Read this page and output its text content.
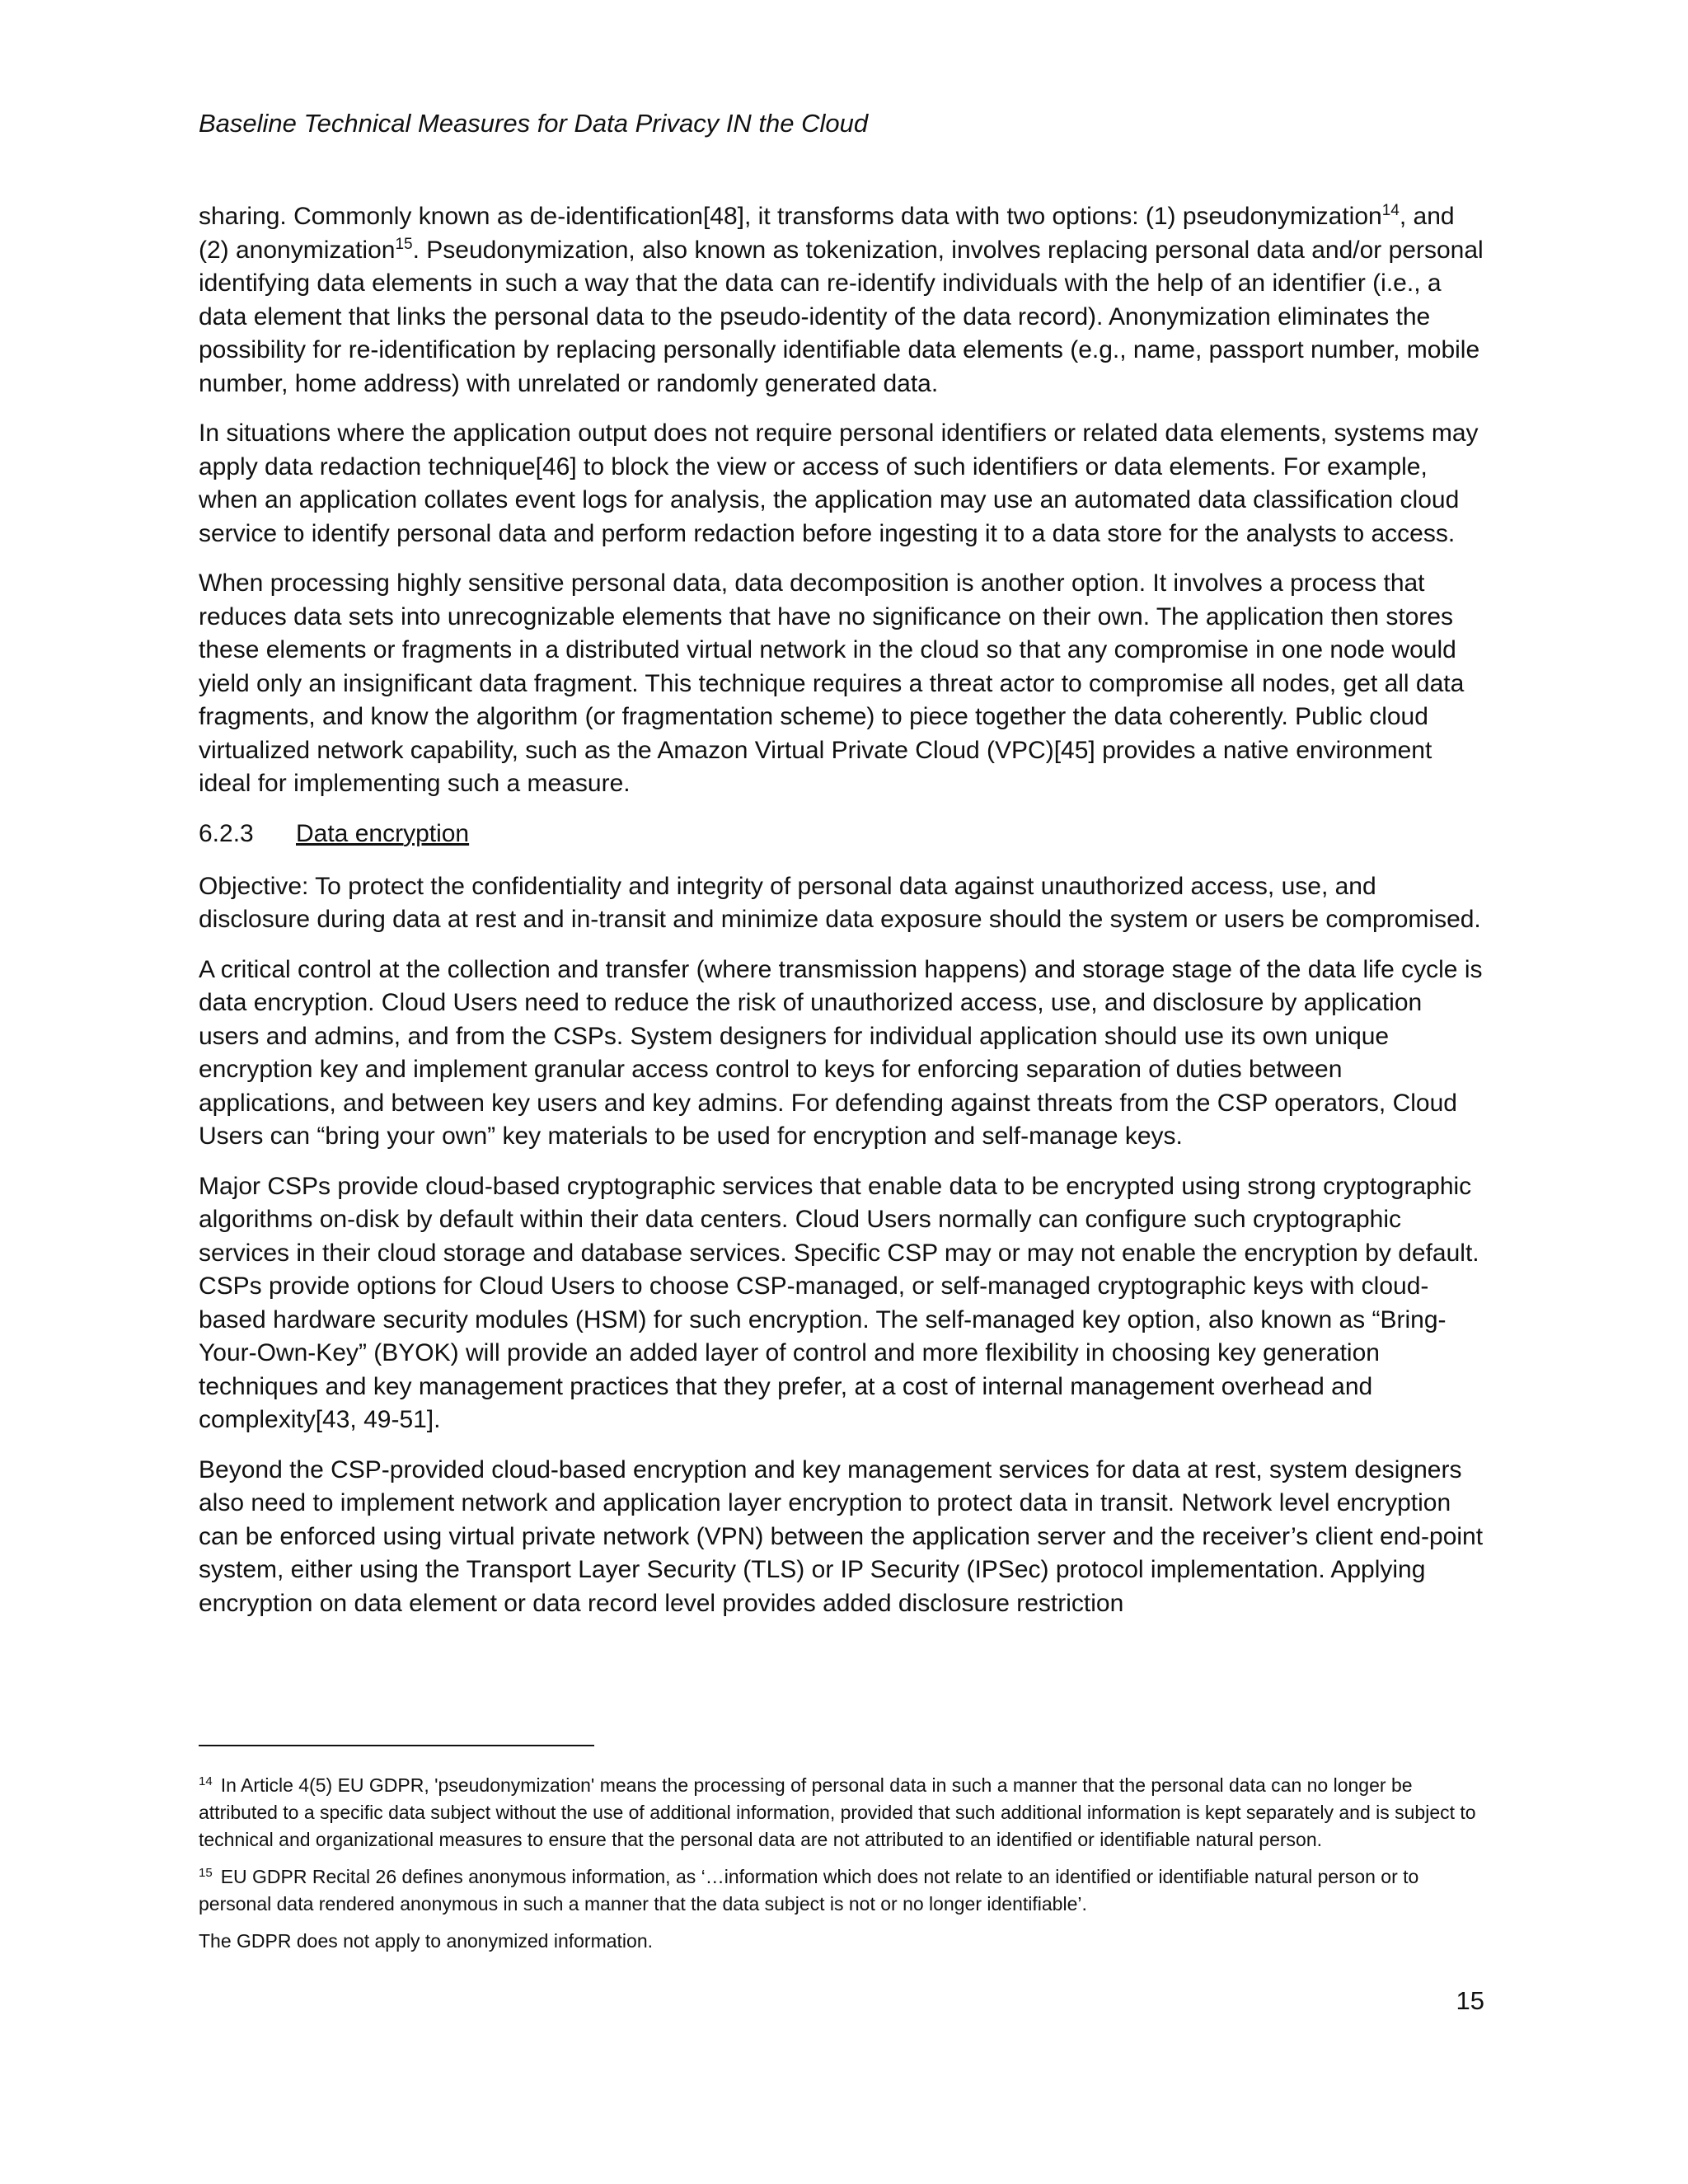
Baseline Technical Measures for Data Privacy IN the Cloud

sharing. Commonly known as de-identification[48], it transforms data with two options: (1) pseudonymization$^{14}$, and (2) anonymization$^{15}$. Pseudonymization, also known as tokenization, involves replacing personal data and/or personal identifying data elements in such a way that the data can re-identify individuals with the help of an identifier (i.e., a data element that links the personal data to the pseudo-identity of the data record). Anonymization eliminates the possibility for re-identification by replacing personally identifiable data elements (e.g., name, passport number, mobile number, home address) with unrelated or randomly generated data.

In situations where the application output does not require personal identifiers or related data elements, systems may apply data redaction technique[46] to block the view or access of such identifiers or data elements. For example, when an application collates event logs for analysis, the application may use an automated data classification cloud service to identify personal data and perform redaction before ingesting it to a data store for the analysts to access.

When processing highly sensitive personal data, data decomposition is another option. It involves a process that reduces data sets into unrecognizable elements that have no significance on their own. The application then stores these elements or fragments in a distributed virtual network in the cloud so that any compromise in one node would yield only an insignificant data fragment. This technique requires a threat actor to compromise all nodes, get all data fragments, and know the algorithm (or fragmentation scheme) to piece together the data coherently. Public cloud virtualized network capability, such as the Amazon Virtual Private Cloud (VPC)[45] provides a native environment ideal for implementing such a measure.

6.2.3 Data encryption

Objective: To protect the confidentiality and integrity of personal data against unauthorized access, use, and disclosure during data at rest and in-transit and minimize data exposure should the system or users be compromised.

A critical control at the collection and transfer (where transmission happens) and storage stage of the data life cycle is data encryption. Cloud Users need to reduce the risk of unauthorized access, use, and disclosure by application users and admins, and from the CSPs. System designers for individual application should use its own unique encryption key and implement granular access control to keys for enforcing separation of duties between applications, and between key users and key admins. For defending against threats from the CSP operators, Cloud Users can “bring your own” key materials to be used for encryption and self-manage keys.

Major CSPs provide cloud-based cryptographic services that enable data to be encrypted using strong cryptographic algorithms on-disk by default within their data centers. Cloud Users normally can configure such cryptographic services in their cloud storage and database services. Specific CSP may or may not enable the encryption by default. CSPs provide options for Cloud Users to choose CSP-managed, or self-managed cryptographic keys with cloud-based hardware security modules (HSM) for such encryption. The self-managed key option, also known as “Bring-Your-Own-Key” (BYOK) will provide an added layer of control and more flexibility in choosing key generation techniques and key management practices that they prefer, at a cost of internal management overhead and complexity[43, 49-51].

Beyond the CSP-provided cloud-based encryption and key management services for data at rest, system designers also need to implement network and application layer encryption to protect data in transit. Network level encryption can be enforced using virtual private network (VPN) between the application server and the receiver’s client end-point system, either using the Transport Layer Security (TLS) or IP Security (IPSec) protocol implementation. Applying encryption on data element or data record level provides added disclosure restriction

$^{14}$ In Article 4(5) EU GDPR, 'pseudonymization' means the processing of personal data in such a manner that the personal data can no longer be attributed to a specific data subject without the use of additional information, provided that such additional information is kept separately and is subject to technical and organizational measures to ensure that the personal data are not attributed to an identified or identifiable natural person.

$^{15}$ EU GDPR Recital 26 defines anonymous information, as ‘…information which does not relate to an identified or identifiable natural person or to personal data rendered anonymous in such a manner that the data subject is not or no longer identifiable’.

The GDPR does not apply to anonymized information.

15
